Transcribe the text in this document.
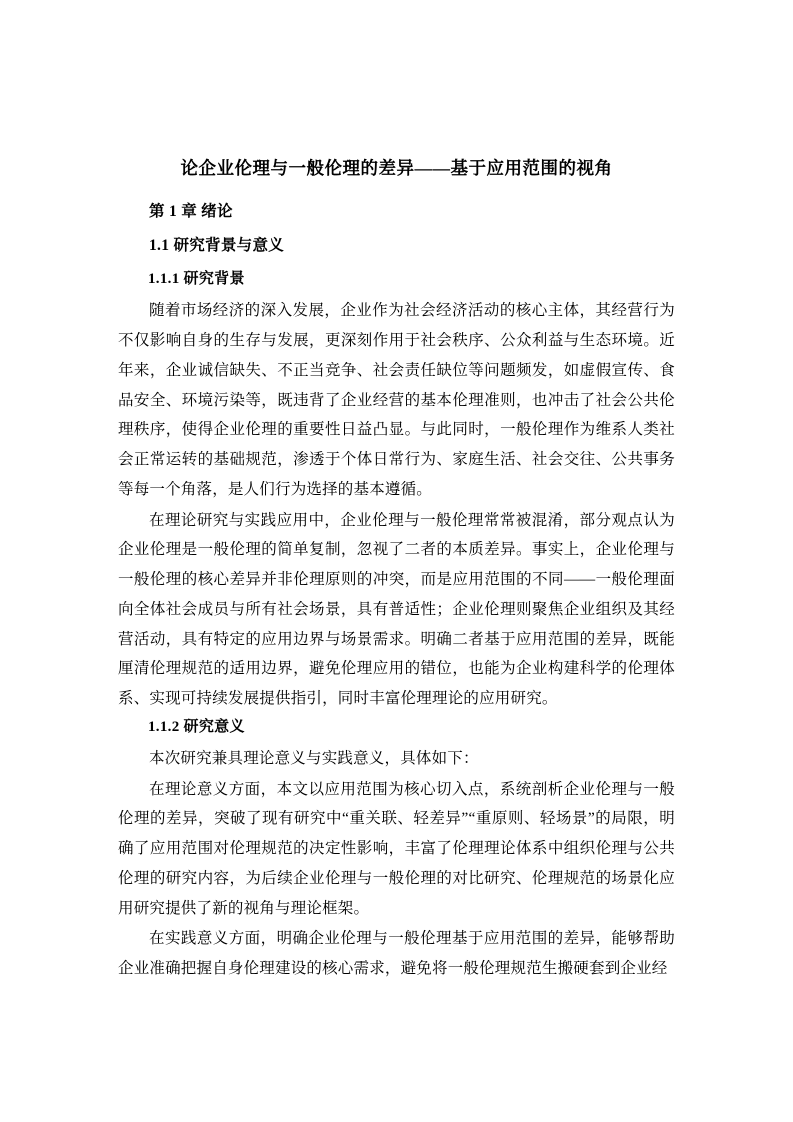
论企业伦理与一般伦理的差异——基于应用范围的视角
第 1 章 绪论
1.1 研究背景与意义
1.1.1 研究背景

随着市场经济的深入发展，企业作为社会经济活动的核心主体，其经营行为不仅影响自身的生存与发展，更深刻作用于社会秩序、公众利益与生态环境。近年来，企业诚信缺失、不正当竞争、社会责任缺位等问题频发，如虚假宣传、食品安全、环境污染等，既违背了企业经营的基本伦理准则，也冲击了社会公共伦理秩序，使得企业伦理的重要性日益凸显。与此同时，一般伦理作为维系人类社会正常运转的基础规范，渗透于个体日常行为、家庭生活、社会交往、公共事务等每一个角落，是人们行为选择的基本遵循。

在理论研究与实践应用中，企业伦理与一般伦理常常被混淆，部分观点认为企业伦理是一般伦理的简单复制，忽视了二者的本质差异。事实上，企业伦理与一般伦理的核心差异并非伦理原则的冲突，而是应用范围的不同——一般伦理面向全体社会成员与所有社会场景，具有普适性；企业伦理则聚焦企业组织及其经营活动，具有特定的应用边界与场景需求。明确二者基于应用范围的差异，既能厘清伦理规范的适用边界，避免伦理应用的错位，也能为企业构建科学的伦理体系、实现可持续发展提供指引，同时丰富伦理理论的应用研究。

1.1.2 研究意义

本次研究兼具理论意义与实践意义，具体如下：

在理论意义方面，本文以应用范围为核心切入点，系统剖析企业伦理与一般伦理的差异，突破了现有研究中“重关联、轻差异”“重原则、轻场景”的局限，明确了应用范围对伦理规范的决定性影响，丰富了伦理理论体系中组织伦理与公共伦理的研究内容，为后续企业伦理与一般伦理的对比研究、伦理规范的场景化应用研究提供了新的视角与理论框架。

在实践意义方面，明确企业伦理与一般伦理基于应用范围的差异，能够帮助企业准确把握自身伦理建设的核心需求，避免将一般伦理规范生搬硬套到企业经
